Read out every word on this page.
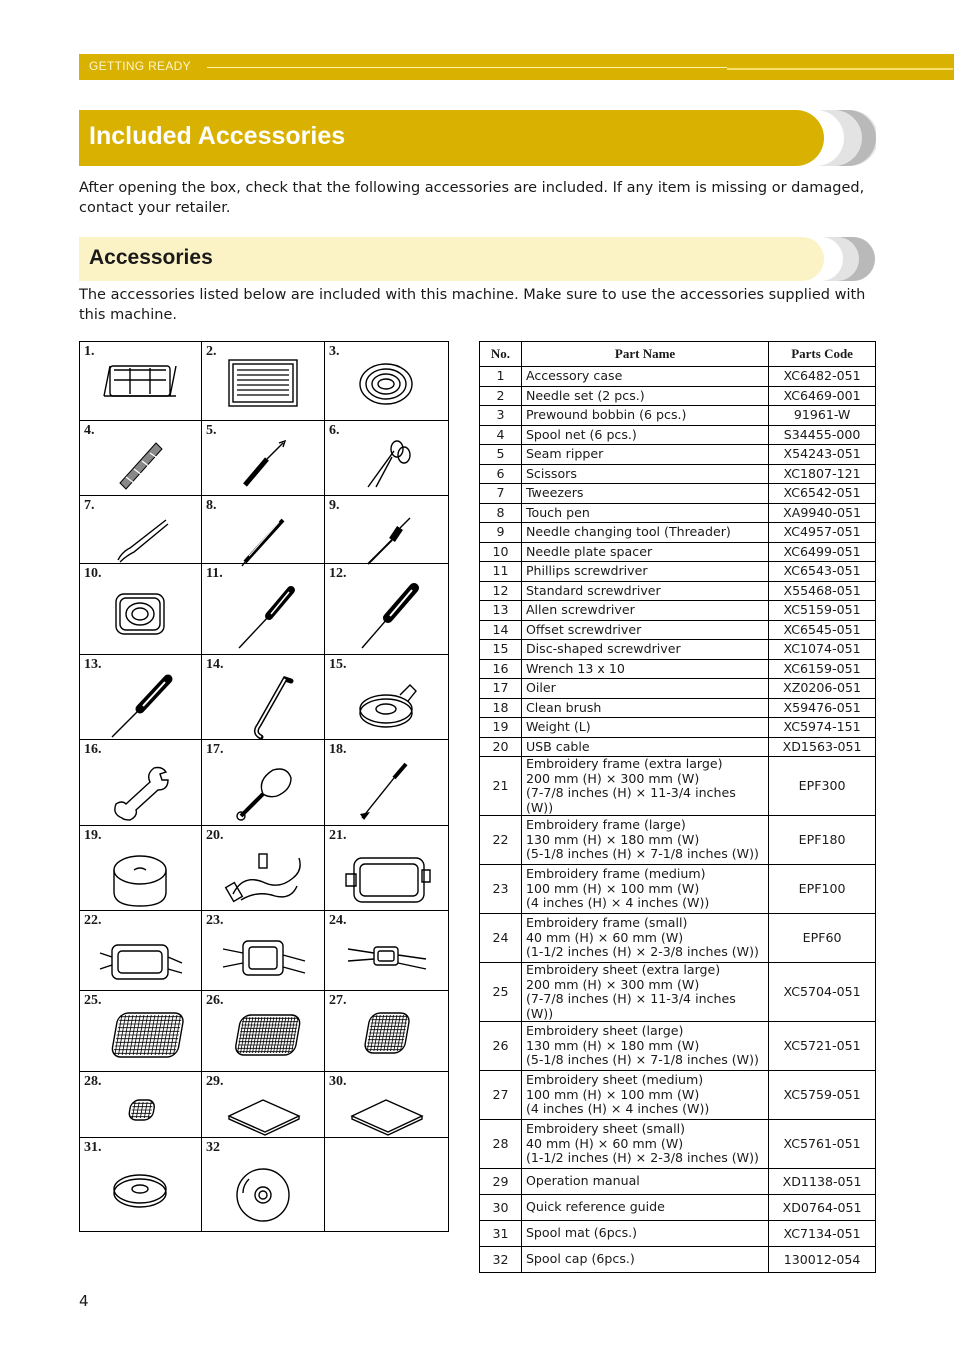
GETTING READY
Included Accessories

After opening the box, check that the following accessories are included. If any item is missing or damaged, contact your retailer.

Accessories

The accessories listed below are included with this machine. Make sure to use the accessories supplied with this machine.

1.	2.	3.
4.	5.	6.
7.	8.	9.
10.	11.	12.
13.	14.	15.
16.	17.	18.
19.	20.	21.
22.	23.	24.
25.	26.	27.
28.	29.	30.
31.	32
No.	Part Name	Parts Code
1	Accessory case	XC6482-051
2	Needle set (2 pcs.)	XC6469-001
3	Prewound bobbin (6 pcs.)	91961-W
4	Spool net (6 pcs.)	S34455-000
5	Seam ripper	X54243-051
6	Scissors	XC1807-121
7	Tweezers	XC6542-051
8	Touch pen	XA9940-051
9	Needle changing tool (Threader)	XC4957-051
10	Needle plate spacer	XC6499-051
11	Phillips screwdriver	XC6543-051
12	Standard screwdriver	X55468-051
13	Allen screwdriver	XC5159-051
14	Offset screwdriver	XC6545-051
15	Disc-shaped screwdriver	XC1074-051
16	Wrench 13 x 10	XC6159-051
17	Oiler	XZ0206-051
18	Clean brush	X59476-051
19	Weight (L)	XC5974-151
20	USB cable	XD1563-051
21	Embroidery frame (extra large)
200 mm (H) × 300 mm (W)
(7-7/8 inches (H) × 11-3/4 inches (W))	EPF300
22	Embroidery frame (large)
130 mm (H) × 180 mm (W)
(5-1/8 inches (H) × 7-1/8 inches (W))	EPF180
23	Embroidery frame (medium)
100 mm (H) × 100 mm (W)
(4 inches (H) × 4 inches (W))	EPF100
24	Embroidery frame (small)
40 mm (H) × 60 mm (W)
(1-1/2 inches (H) × 2-3/8 inches (W))	EPF60
25	Embroidery sheet (extra large)
200 mm (H) × 300 mm (W)
(7-7/8 inches (H) × 11-3/4 inches (W))	XC5704-051
26	Embroidery sheet (large)
130 mm (H) × 180 mm (W)
(5-1/8 inches (H) × 7-1/8 inches (W))	XC5721-051
27	Embroidery sheet (medium)
100 mm (H) × 100 mm (W)
(4 inches (H) × 4 inches (W))	XC5759-051
28	Embroidery sheet (small)
40 mm (H) × 60 mm (W)
(1-1/2 inches (H) × 2-3/8 inches (W))	XC5761-051
29	Operation manual	XD1138-051
30	Quick reference guide	XD0764-051
31	Spool mat (6pcs.)	XC7134-051
32	Spool cap (6pcs.)	130012-054
4
